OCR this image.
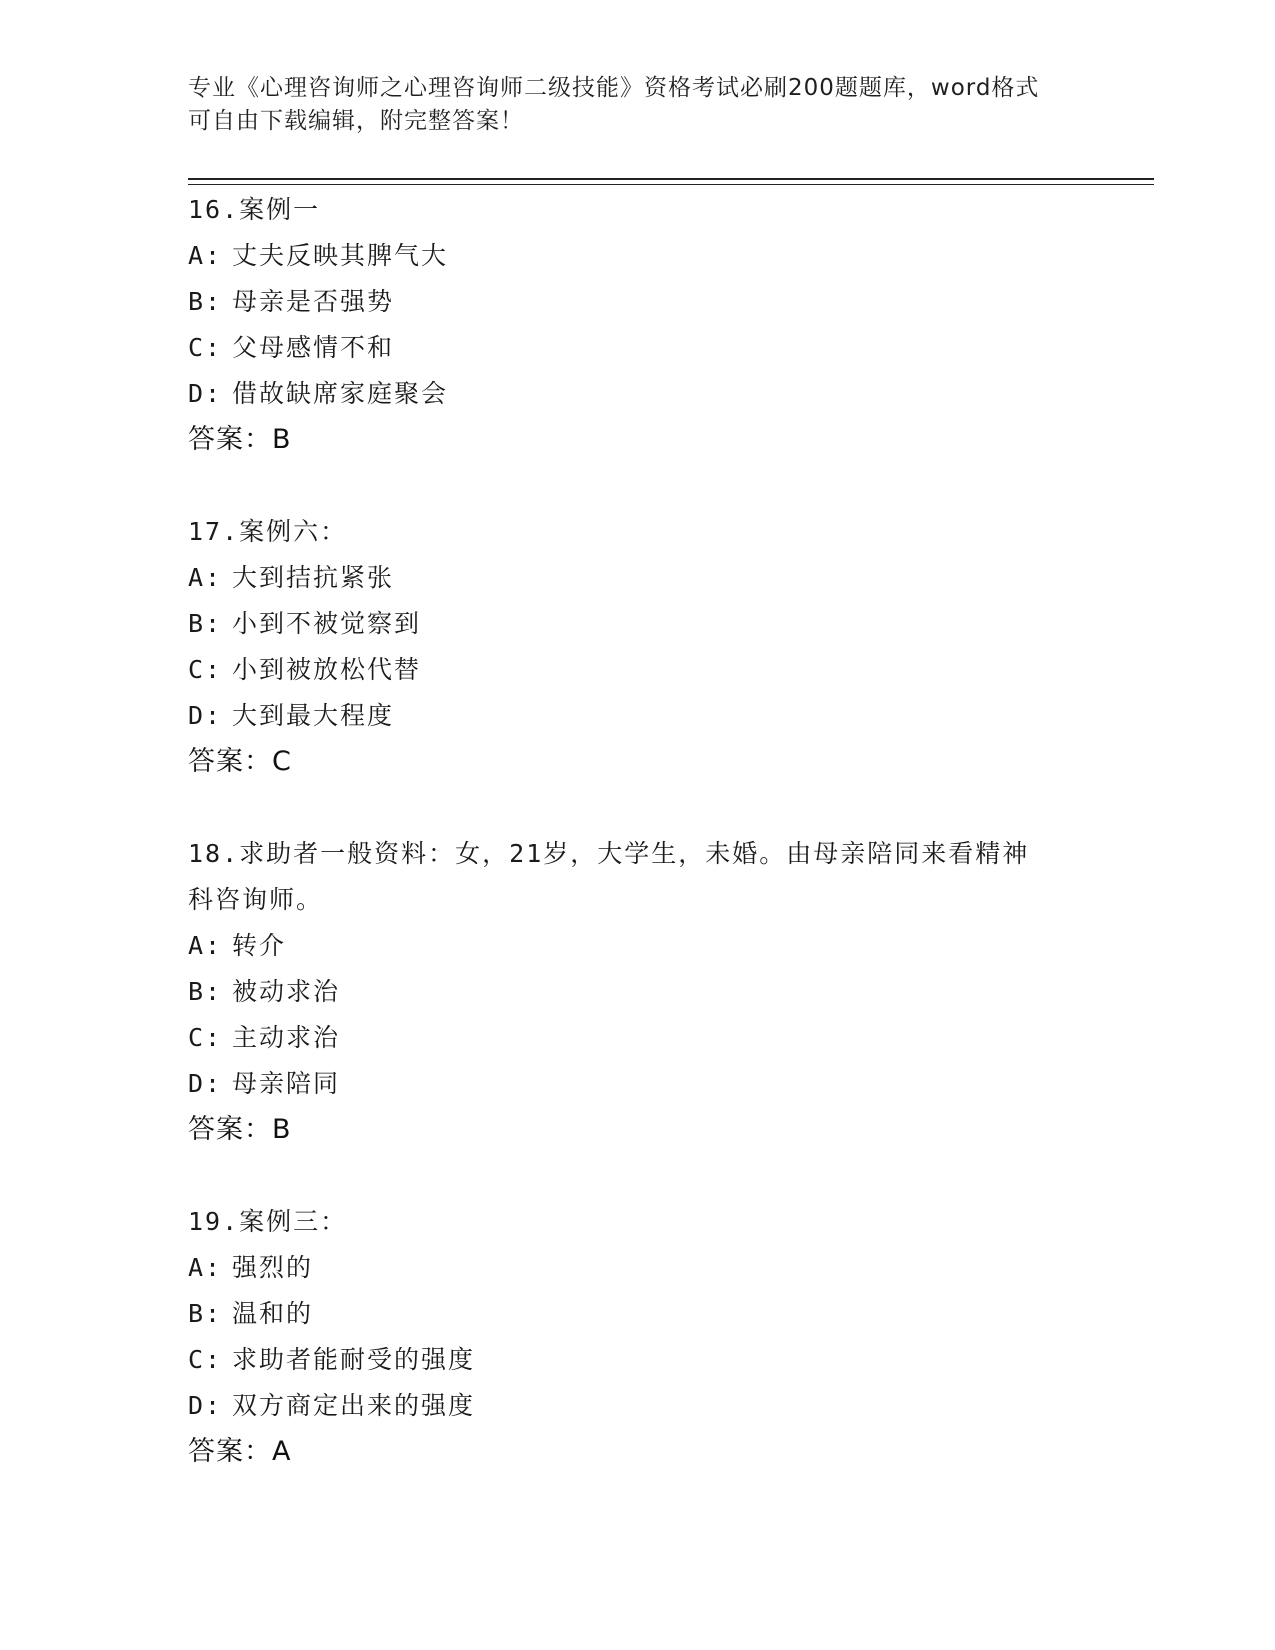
专业《心理咨询师之心理咨询师二级技能》资格考试必刷200题题库，word格式
可自由下载编辑，附完整答案！
16.案例一
A: 丈夫反映其脾气大
B: 母亲是否强势
C: 父母感情不和
D: 借故缺席家庭聚会
答案：B
17.案例六：
A: 大到拮抗紧张
B: 小到不被觉察到
C: 小到被放松代替
D: 大到最大程度
答案：C
18.求助者一般资料：女，21岁，大学生，未婚。由母亲陪同来看精神
科咨询师。
A: 转介
B: 被动求治
C: 主动求治
D: 母亲陪同
答案：B
19.案例三：
A: 强烈的
B: 温和的
C: 求助者能耐受的强度
D: 双方商定出来的强度
答案：A
